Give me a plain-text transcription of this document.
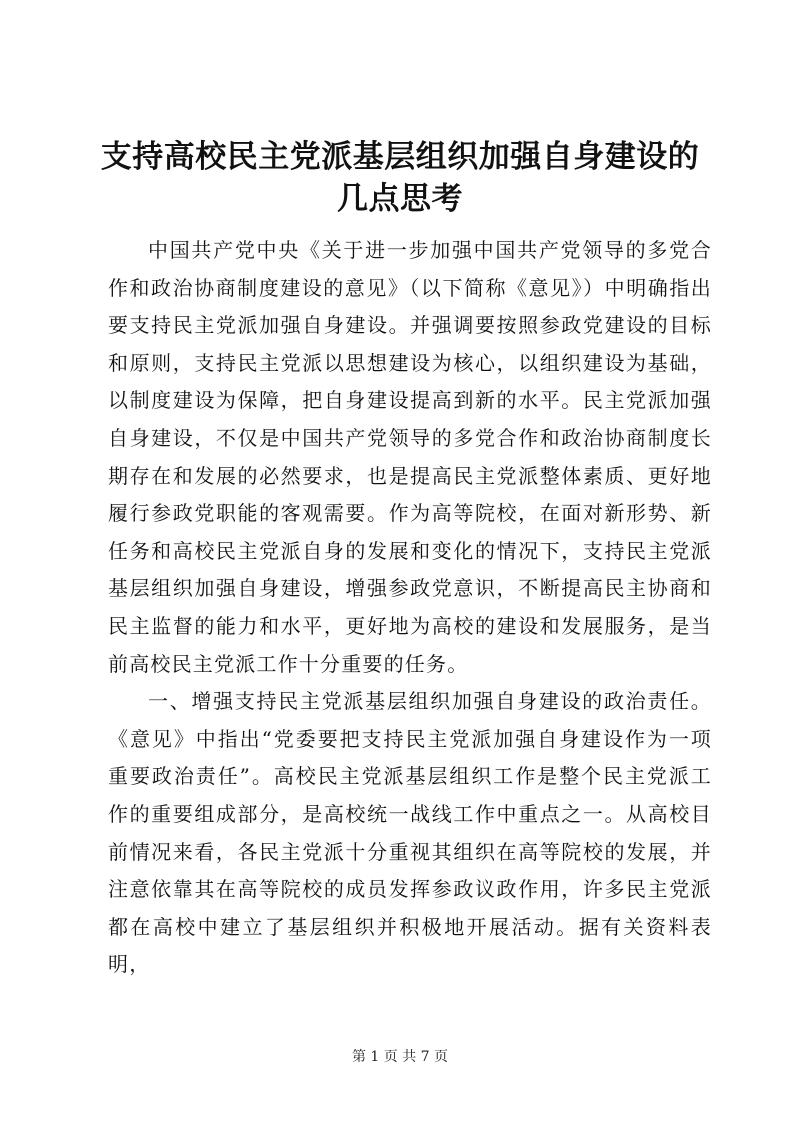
支持高校民主党派基层组织加强自身建设的几点思考

中国共产党中央《关于进一步加强中国共产党领导的多党合作和政治协商制度建设的意见》（以下简称《意见》）中明确指出要支持民主党派加强自身建设。并强调要按照参政党建设的目标和原则，支持民主党派以思想建设为核心，以组织建设为基础，以制度建设为保障，把自身建设提高到新的水平。民主党派加强自身建设，不仅是中国共产党领导的多党合作和政治协商制度长期存在和发展的必然要求，也是提高民主党派整体素质、更好地履行参政党职能的客观需要。作为高等院校，在面对新形势、新任务和高校民主党派自身的发展和变化的情况下，支持民主党派基层组织加强自身建设，增强参政党意识，不断提高民主协商和民主监督的能力和水平，更好地为高校的建设和发展服务，是当前高校民主党派工作十分重要的任务。

一、增强支持民主党派基层组织加强自身建设的政治责任。《意见》中指出“党委要把支持民主党派加强自身建设作为一项重要政治责任”。高校民主党派基层组织工作是整个民主党派工作的重要组成部分，是高校统一战线工作中重点之一。从高校目前情况来看，各民主党派十分重视其组织在高等院校的发展，并注意依靠其在高等院校的成员发挥参政议政作用，许多民主党派都在高校中建立了基层组织并积极地开展活动。据有关资料表明，

第 1 页 共 7 页
